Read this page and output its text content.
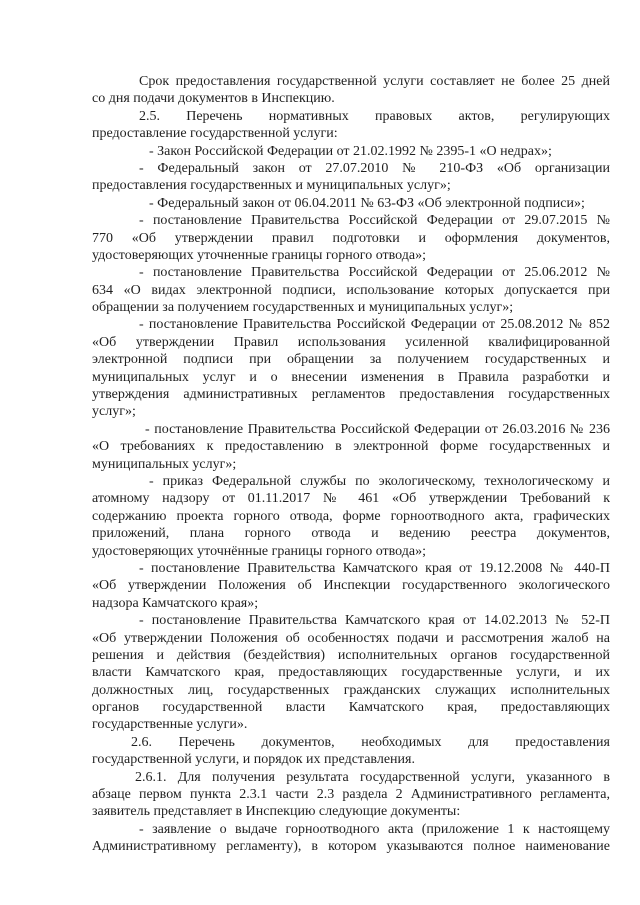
Срок предоставления государственной услуги составляет не более 25 дней
со дня подачи документов в Инспекцию.
2.5. Перечень нормативных правовых актов, регулирующих
предоставление государственной услуги:
- Закон Российской Федерации от 21.02.1992 № 2395-1 «О недрах»;
- Федеральный закон от 27.07.2010 № 210-ФЗ «Об организации
предоставления государственных и муниципальных услуг»;
- Федеральный закон от 06.04.2011 № 63-ФЗ «Об электронной подписи»;
- постановление Правительства Российской Федерации от 29.07.2015 №
770 «Об утверждении правил подготовки и оформления документов,
удостоверяющих уточненные границы горного отвода»;
- постановление Правительства Российской Федерации от 25.06.2012 №
634 «О видах электронной подписи, использование которых допускается при
обращении за получением государственных и муниципальных услуг»;
- постановление Правительства Российской Федерации от 25.08.2012 № 852
«Об утверждении Правил использования усиленной квалифицированной
электронной подписи при обращении за получением государственных и
муниципальных услуг и о внесении изменения в Правила разработки и
утверждения административных регламентов предоставления государственных
услуг»;
- постановление Правительства Российской Федерации от 26.03.2016 № 236
«О требованиях к предоставлению в электронной форме государственных и
муниципальных услуг»;
- приказ Федеральной службы по экологическому, технологическому и
атомному надзору от 01.11.2017 № 461 «Об утверждении Требований к
содержанию проекта горного отвода, форме горноотводного акта, графических
приложений, плана горного отвода и ведению реестра документов,
удостоверяющих уточнённые границы горного отвода»;
- постановление Правительства Камчатского края от 19.12.2008 № 440-П
«Об утверждении Положения об Инспекции государственного экологического
надзора Камчатского края»;
- постановление Правительства Камчатского края от 14.02.2013 № 52-П
«Об утверждении Положения об особенностях подачи и рассмотрения жалоб на
решения и действия (бездействия) исполнительных органов государственной
власти Камчатского края, предоставляющих государственные услуги, и их
должностных лиц, государственных гражданских служащих исполнительных
органов государственной власти Камчатского края, предоставляющих
государственные услуги».
2.6. Перечень документов, необходимых для предоставления
государственной услуги, и порядок их представления.
2.6.1. Для получения результата государственной услуги, указанного в
абзаце первом пункта 2.3.1 части 2.3 раздела 2 Административного регламента,
заявитель представляет в Инспекцию следующие документы:
- заявление о выдаче горноотводного акта (приложение 1 к настоящему
Административному регламенту), в котором указываются полное наименование
